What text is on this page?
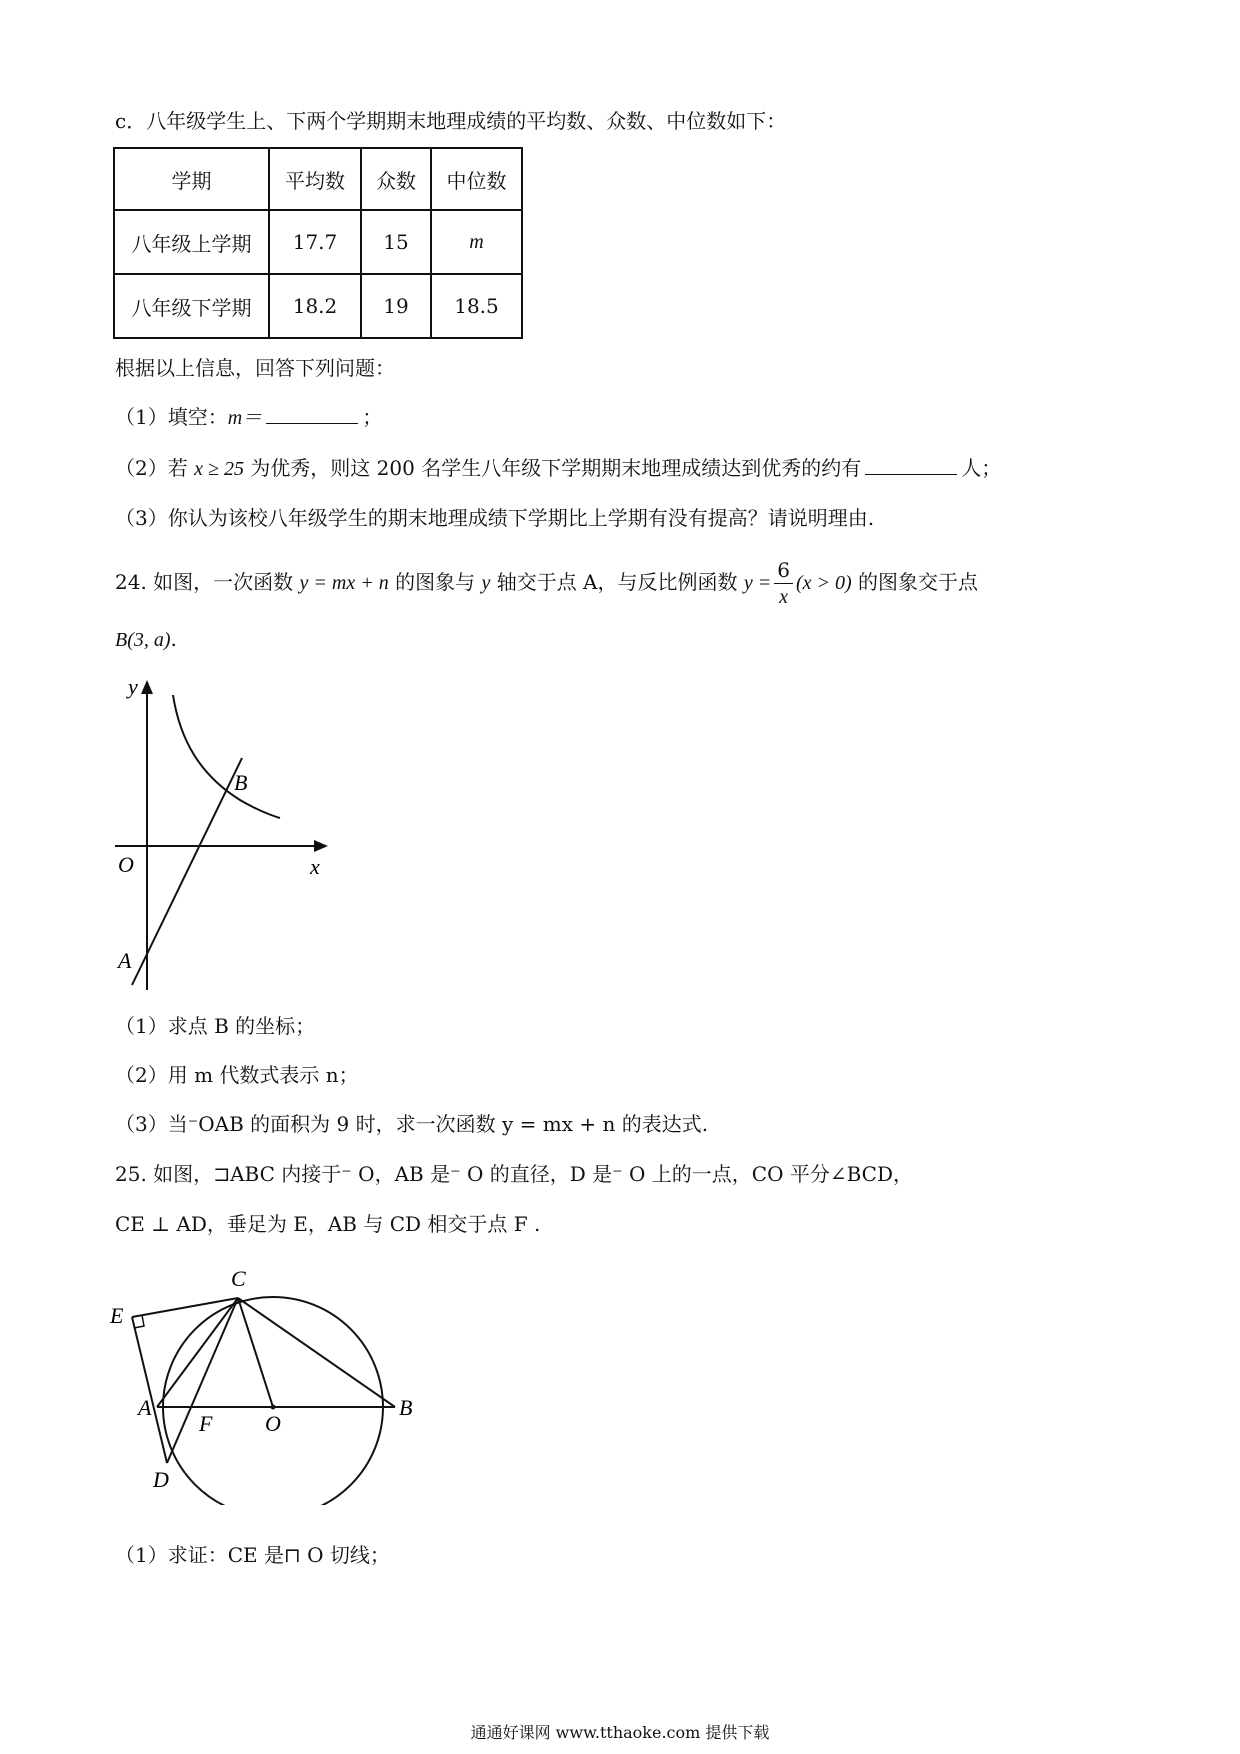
c．八年级学生上、下两个学期期末地理成绩的平均数、众数、中位数如下：
学期	平均数	众数	中位数
八年级上学期	17.7	15	m
八年级下学期	18.2	19	18.5
根据以上信息，回答下列问题：
（1）填空：m＝	；
（2）若 x ≥ 25 为优秀，则这 200 名学生八年级下学期期末地理成绩达到优秀的约有	人；
（3）你认为该校八年级学生的期末地理成绩下学期比上学期有没有提高？请说明理由.
24. 如图，一次函数 y = mx + n 的图象与 y 轴交于点 A，与反比例函数 $y = \frac{6}{x} (x > 0)$ 的图象交于点
B(3, a).
y
x
O
A
B
（1）求点 B 的坐标；
（2）用 m 代数式表示 n；
（3）当⁻OAB 的面积为 9 时，求一次函数 y = mx + n 的表达式.
25. 如图，⊐ABC 内接于⁻ O，AB 是⁻ O 的直径，D 是⁻ O 上的一点，CO 平分∠BCD，
CE ⊥ AD，垂足为 E，AB 与 CD 相交于点 F .
C
E
A
F O
B
D
（1）求证：CE 是⊓ O 切线；
通通好课网 www.tthaoke.com 提供下载
